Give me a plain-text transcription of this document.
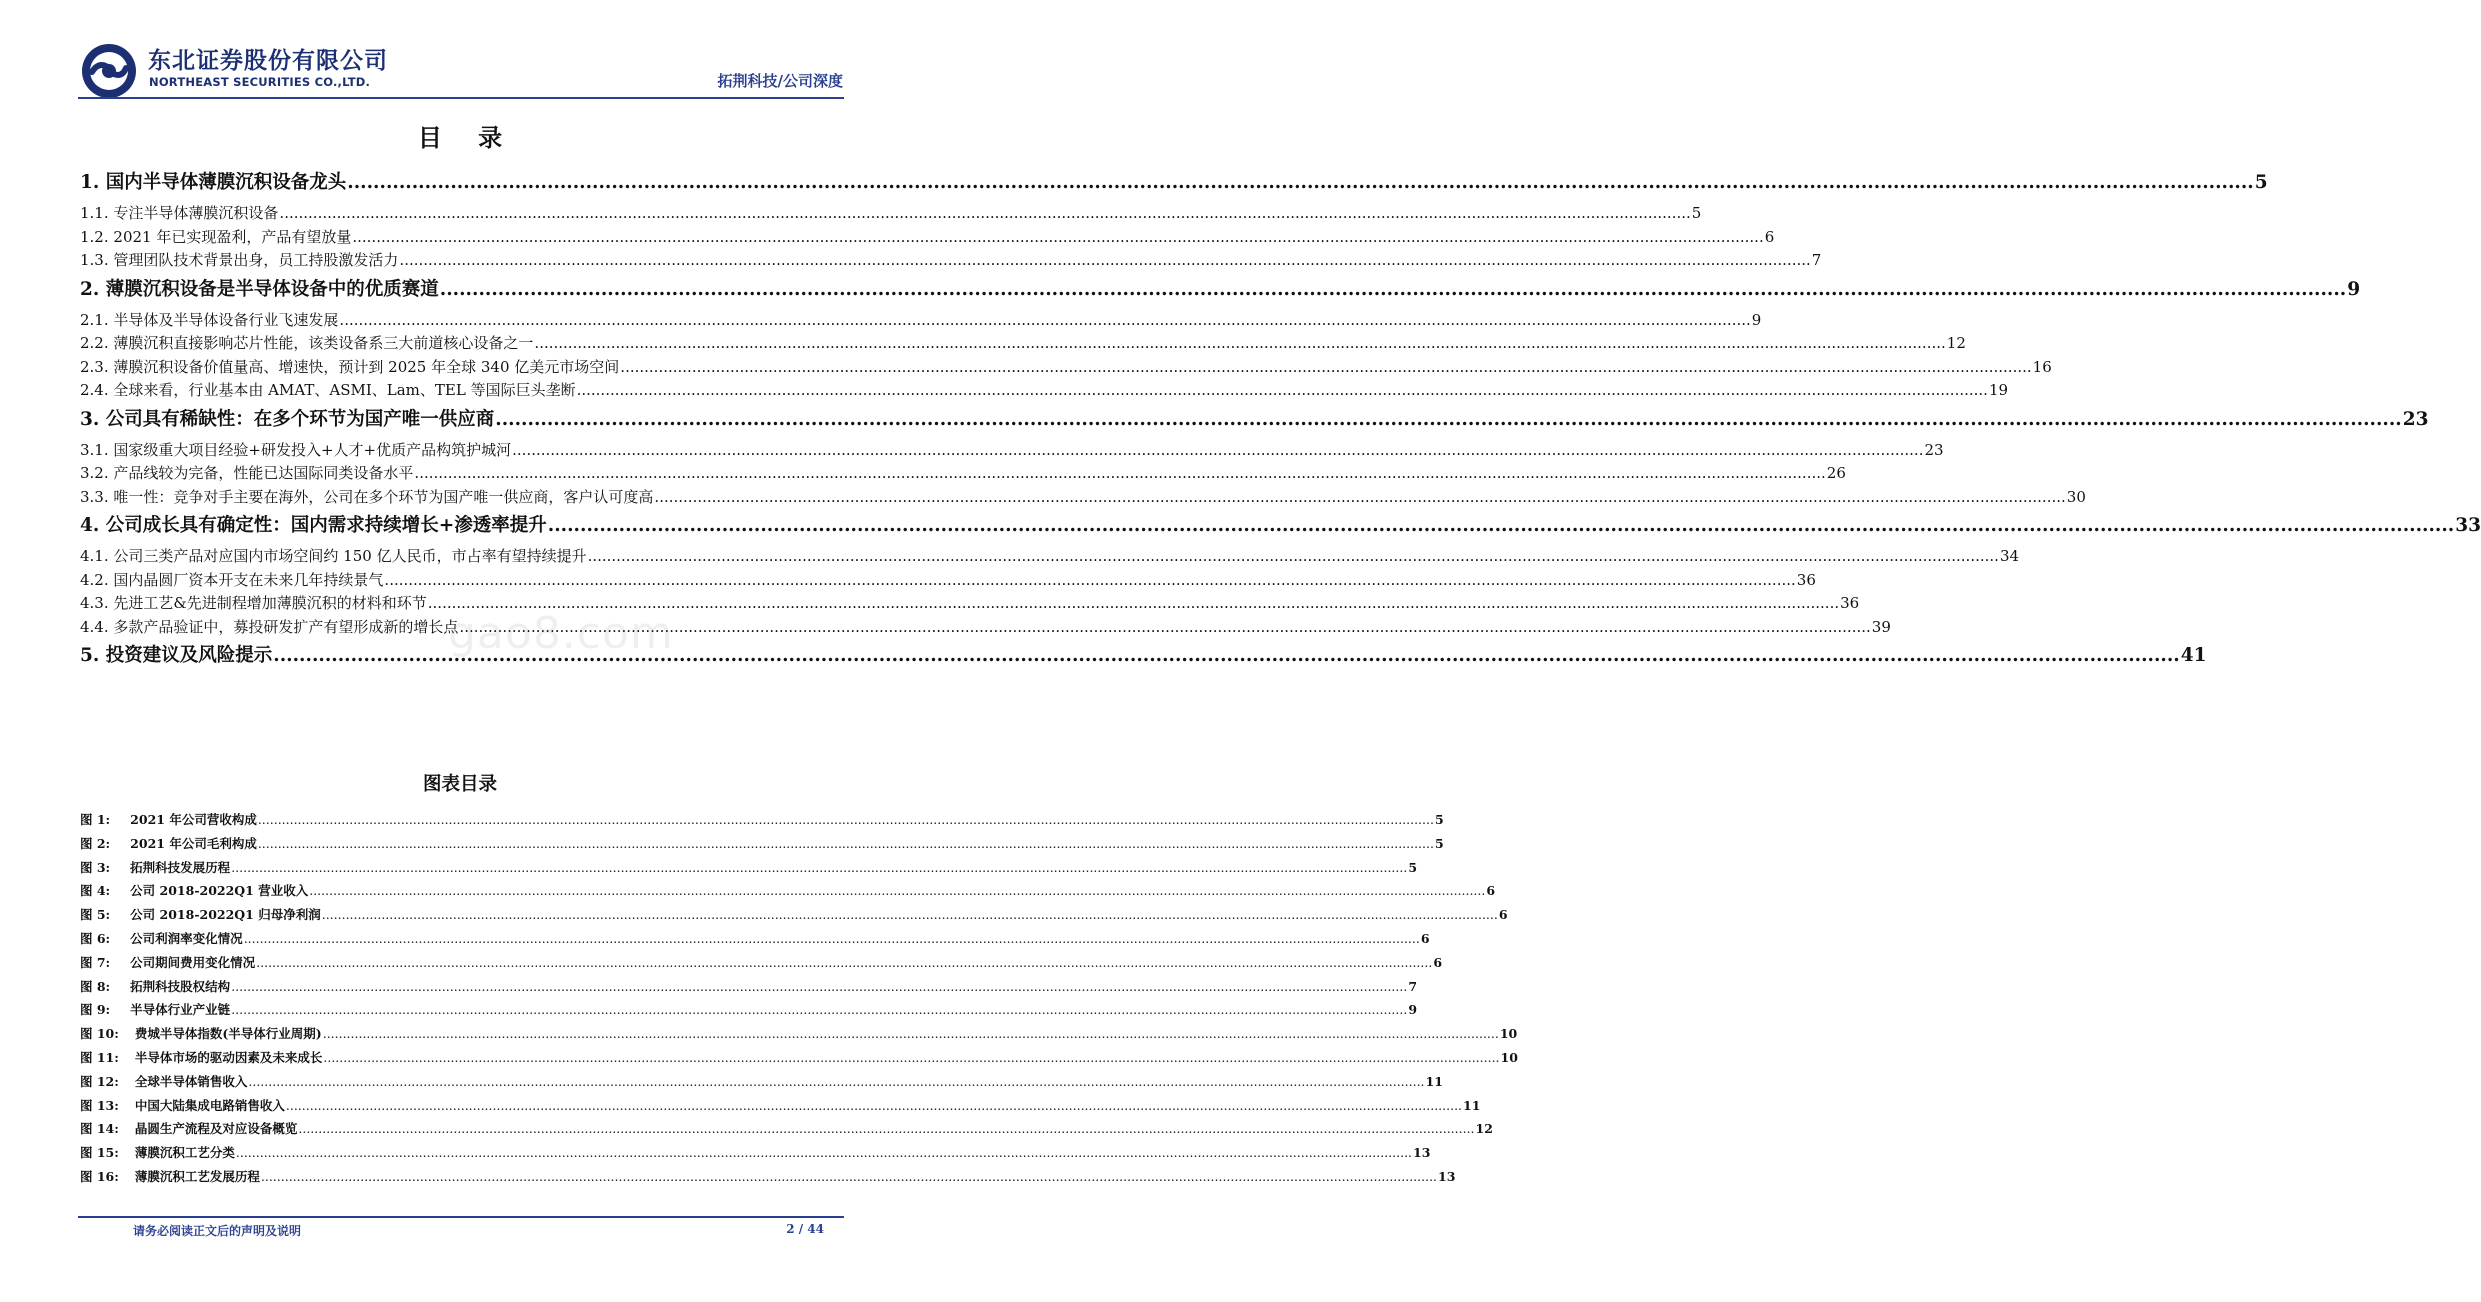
东北证券股份有限公司
NORTHEAST SECURITIES CO.,LTD.	拓荆科技/公司深度
目 录
1. 国内半导体薄膜沉积设备龙头 .....	5
1.1. 专注半导体薄膜沉积设备 .....	5
1.2. 2021 年已实现盈利，产品有望放量 .....	6
1.3. 管理团队技术背景出身，员工持股激发活力 .....	7
2. 薄膜沉积设备是半导体设备中的优质赛道 .....	9
2.1. 半导体及半导体设备行业飞速发展 .....	9
2.2. 薄膜沉积直接影响芯片性能，该类设备系三大前道核心设备之一 .....	12
2.3. 薄膜沉积设备价值量高、增速快，预计到 2025 年全球 340 亿美元市场空间 .....	16
2.4. 全球来看，行业基本由 AMAT、ASMI、Lam、TEL 等国际巨头垄断 .....	19
3. 公司具有稀缺性：在多个环节为国产唯一供应商 .....	23
3.1. 国家级重大项目经验+研发投入+人才+优质产品构筑护城河 .....	23
3.2. 产品线较为完备，性能已达国际同类设备水平 .....	26
3.3. 唯一性：竞争对手主要在海外，公司在多个环节为国产唯一供应商，客户认可度高 .....	30
4. 公司成长具有确定性：国内需求持续增长+渗透率提升 .....	33
4.1. 公司三类产品对应国内市场空间约 150 亿人民币，市占率有望持续提升 .....	34
4.2. 国内晶圆厂资本开支在未来几年持续景气 .....	36
4.3. 先进工艺&先进制程增加薄膜沉积的材料和环节 .....	36
4.4. 多款产品验证中，募投研发扩产有望形成新的增长点 .....	39
5. 投资建议及风险提示 .....	41
gao8.com
图表目录
图 1: 2021 年公司营收构成 .....	5
图 2: 2021 年公司毛利构成 .....	5
图 3: 拓荆科技发展历程 .....	5
图 4: 公司 2018-2022Q1 营业收入 .....	6
图 5: 公司 2018-2022Q1 归母净利润 .....	6
图 6: 公司利润率变化情况 .....	6
图 7: 公司期间费用变化情况 .....	6
图 8: 拓荆科技股权结构 .....	7
图 9: 半导体行业产业链 .....	9
图 10: 费城半导体指数(半导体行业周期) .....	10
图 11: 半导体市场的驱动因素及未来成长 .....	10
图 12: 全球半导体销售收入 .....	11
图 13: 中国大陆集成电路销售收入 .....	11
图 14: 晶圆生产流程及对应设备概览 .....	12
图 15: 薄膜沉积工艺分类 .....	13
图 16: 薄膜沉积工艺发展历程 .....	13
请务必阅读正文后的声明及说明	2 / 44
